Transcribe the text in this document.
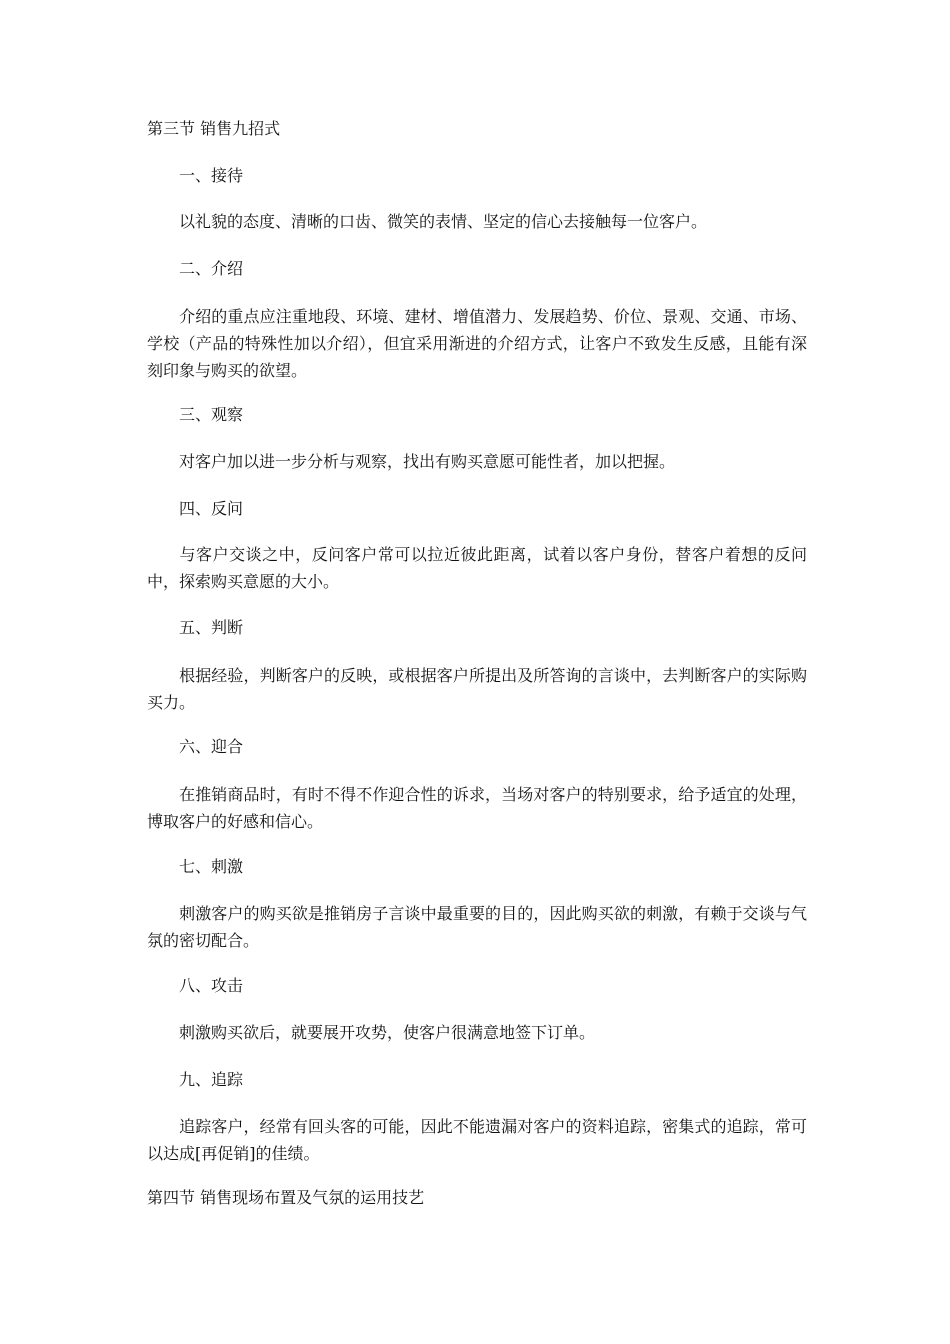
第三节 销售九招式

一、接待

以礼貌的态度、清晰的口齿、微笑的表情、坚定的信心去接触每一位客户。

二、介绍

介绍的重点应注重地段、环境、建材、增值潜力、发展趋势、价位、景观、交通、市场、学校（产品的特殊性加以介绍），但宜采用渐进的介绍方式，让客户不致发生反感，且能有深刻印象与购买的欲望。

三、观察

对客户加以进一步分析与观察，找出有购买意愿可能性者，加以把握。

四、反问

与客户交谈之中，反问客户常可以拉近彼此距离，试着以客户身份，替客户着想的反问中，探索购买意愿的大小。

五、判断

根据经验，判断客户的反映，或根据客户所提出及所答询的言谈中，去判断客户的实际购买力。

六、迎合

在推销商品时，有时不得不作迎合性的诉求，当场对客户的特别要求，给予适宜的处理，博取客户的好感和信心。

七、刺激

刺激客户的购买欲是推销房子言谈中最重要的目的，因此购买欲的刺激，有赖于交谈与气氛的密切配合。

八、攻击

刺激购买欲后，就要展开攻势，使客户很满意地签下订单。

九、追踪

追踪客户，经常有回头客的可能，因此不能遗漏对客户的资料追踪，密集式的追踪，常可以达成[再促销]的佳绩。

第四节 销售现场布置及气氛的运用技艺
